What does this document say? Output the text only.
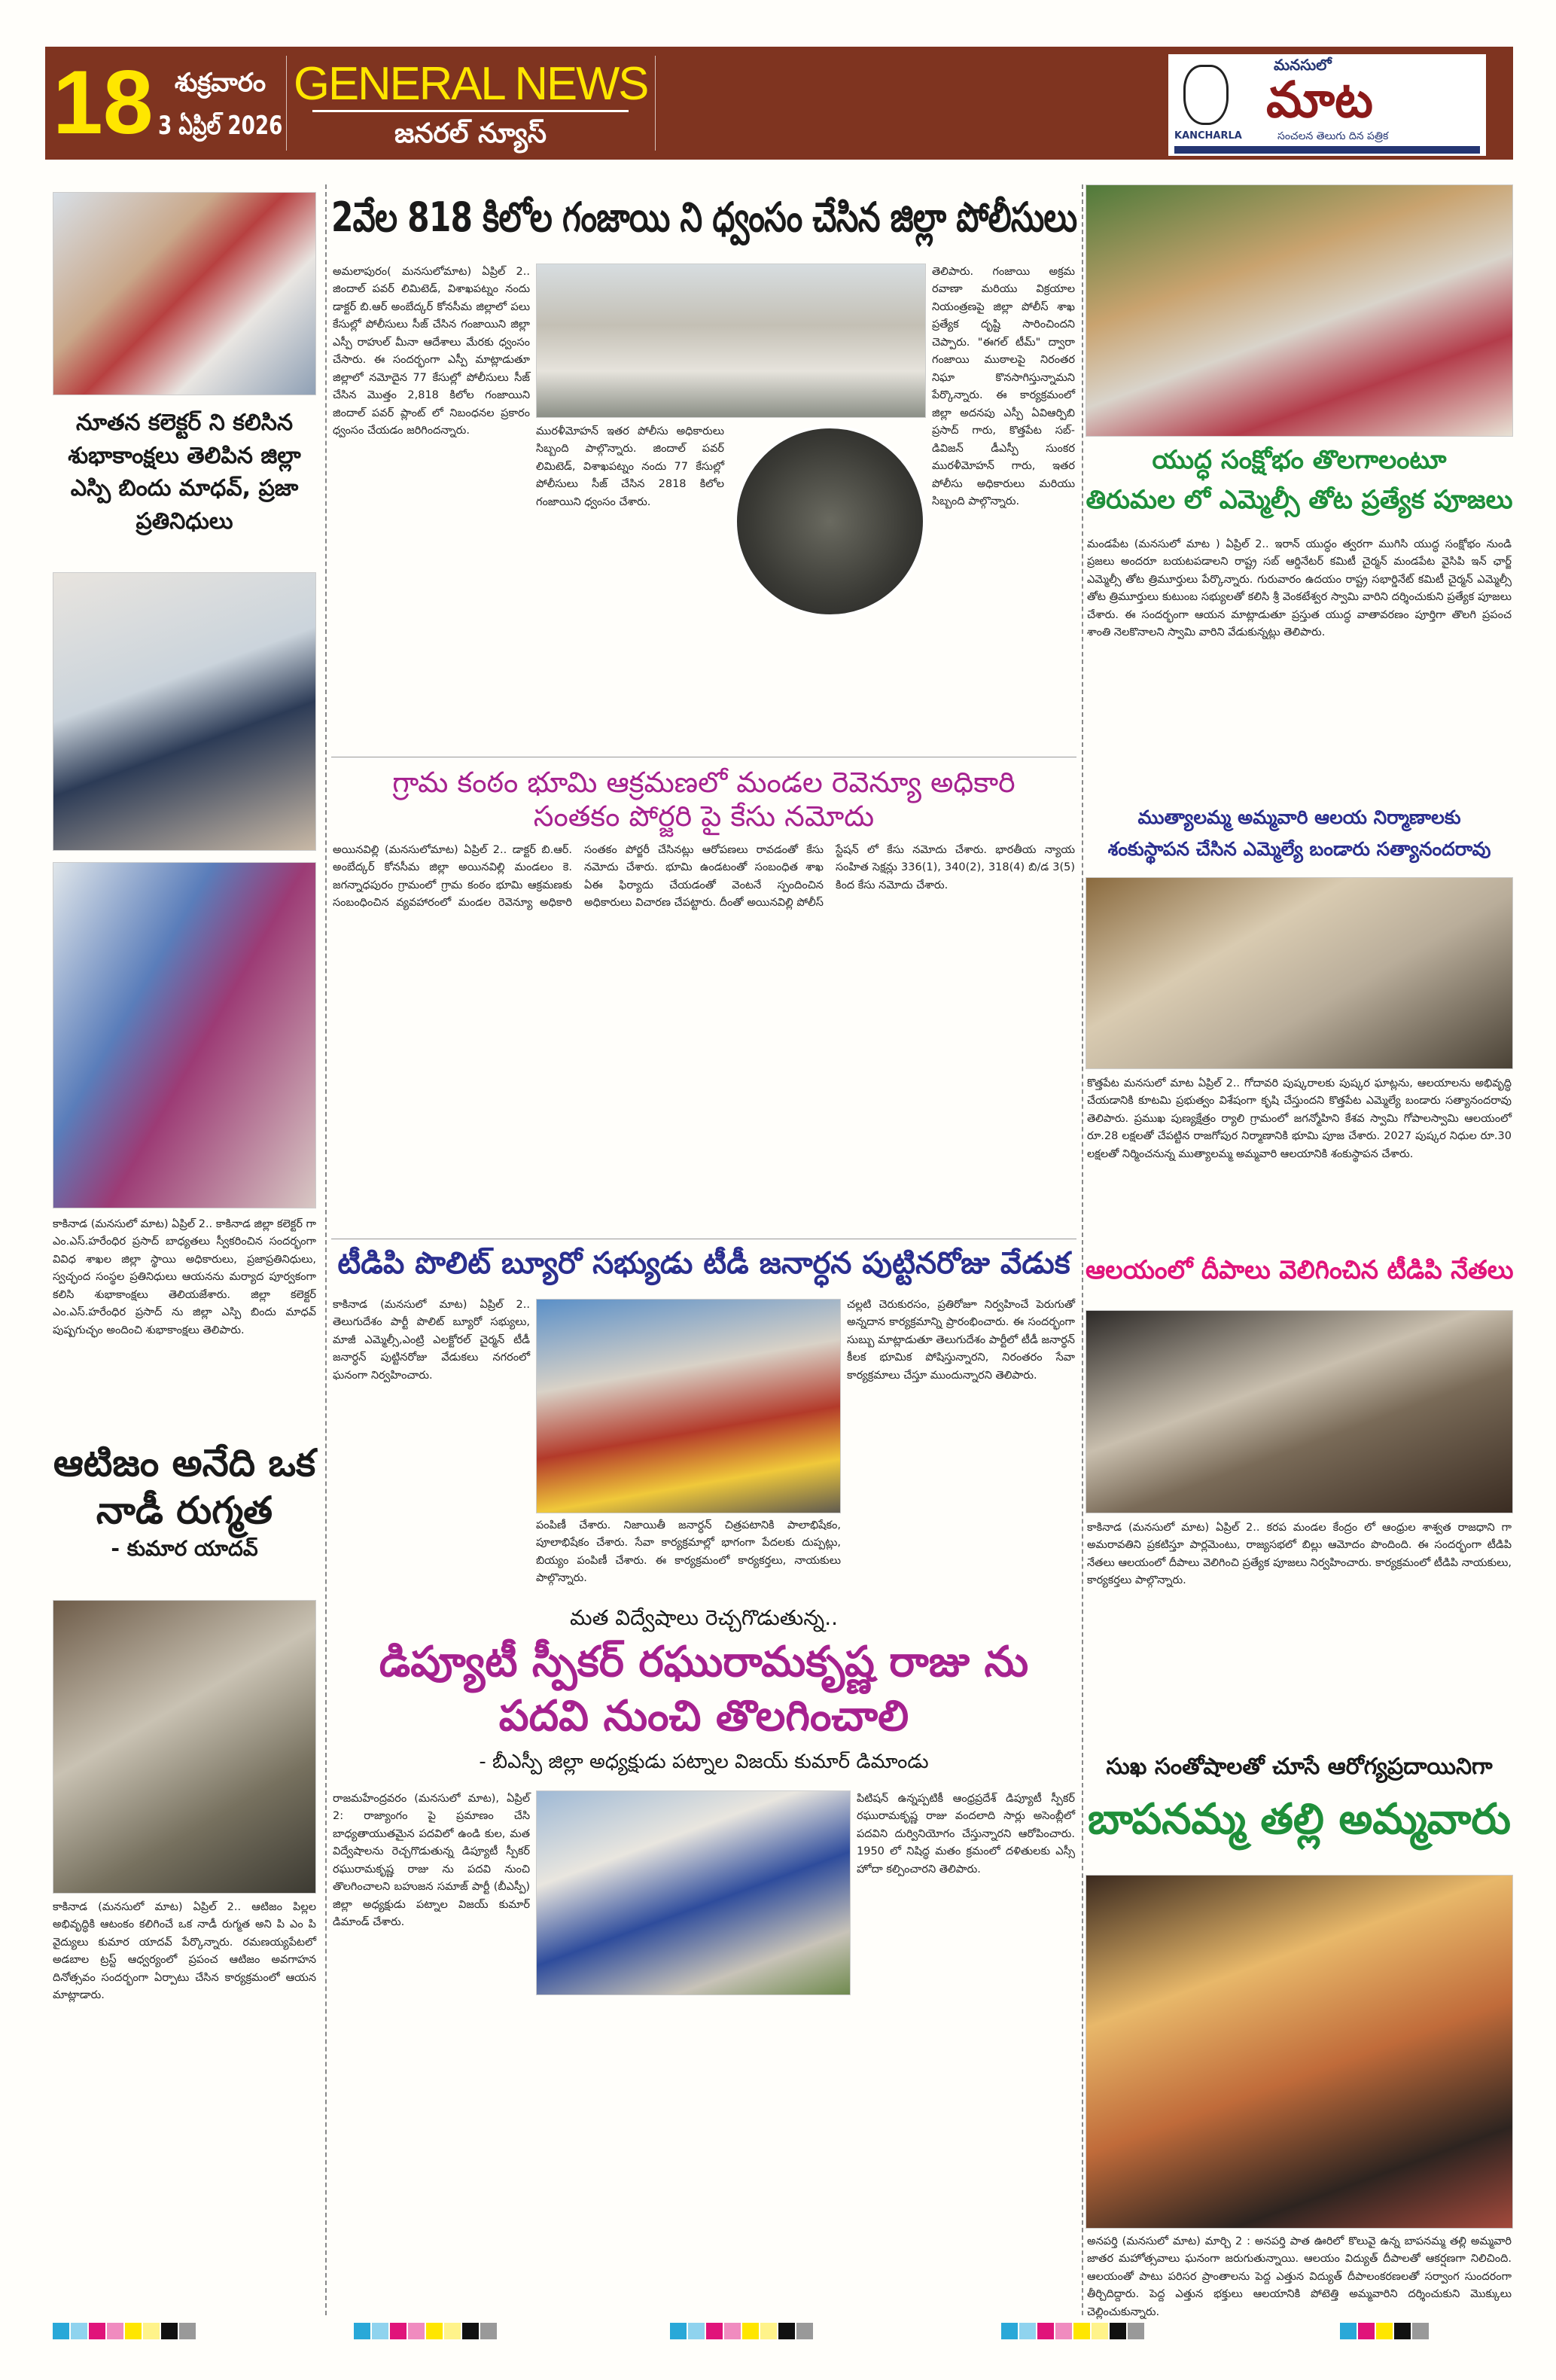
18 శుక్రవారం
3 ఏప్రిల్ 2026
GENERAL NEWS
జనరల్ న్యూస్
మనసులో
మాట
KANCHARLA	సంచలన తెలుగు దిన పత్రిక
నూతన కలెక్టర్ ని కలిసిన శుభాకాంక్షలు తెలిపిన జిల్లా ఎస్పి బిందు మాధవ్, ప్రజా ప్రతినిధులు
కాకినాడ (మనసులో మాట) ఏప్రిల్ 2.. కాకినాడ జిల్లా కలెక్టర్ గా ఎం.ఎస్.హరేంధిర ప్రసాద్ బాధ్యతలు స్వీకరించిన సందర్భంగా వివిధ శాఖల జిల్లా స్థాయి అధికారులు, ప్రజాప్రతినిధులు, స్వచ్ఛంద సంస్థల ప్రతినిధులు ఆయనను మర్యాద పూర్వకంగా కలిసి శుభాకాంక్షలు తెలియజేశారు. జిల్లా కలెక్టర్ ఎం.ఎస్.హరేంధిర ప్రసాద్ ను జిల్లా ఎస్పి బిందు మాధవ్ పుష్పగుచ్ఛం అందించి శుభాకాంక్షలు తెలిపారు.
ఆటిజం అనేది ఒక నాడీ రుగ్మత
- కుమార యాదవ్
కాకినాడ (మనసులో మాట) ఏప్రిల్ 2.. ఆటిజం పిల్లల అభివృద్ధికి ఆటంకం కలిగించే ఒక నాడీ రుగ్మత అని పి ఎం పి వైద్యులు కుమార యాదవ్ పేర్కొన్నారు. రమణయ్యపేటలో అడబాల ట్రస్ట్ ఆధ్వర్యంలో ప్రపంచ ఆటిజం అవగాహన దినోత్సవం సందర్భంగా ఏర్పాటు చేసిన కార్యక్రమంలో ఆయన మాట్లాడారు.
2వేల 818 కిలోల గంజాయి ని ధ్వంసం చేసిన జిల్లా పోలీసులు
అమలాపురం( మనసులోమాట) ఏప్రిల్ 2.. జిందాల్ పవర్ లిమిటెడ్, విశాఖపట్నం నందు డాక్టర్ బి.ఆర్ అంబేద్కర్ కోనసీమ జిల్లాలో పలు కేసుల్లో పోలీసులు సీజ్ చేసిన గంజాయిని జిల్లా ఎస్పీ రాహుల్ మీనా ఆదేశాలు మేరకు ధ్వంసం చేసారు. ఈ సందర్భంగా ఎస్పీ మాట్లాడుతూ జిల్లాలో నమోదైన 77 కేసుల్లో పోలీసులు సీజ్ చేసిన మొత్తం 2,818 కిలోల గంజాయిని జిందాల్ పవర్ ప్లాంట్ లో నిబంధనల ప్రకారం ధ్వంసం చేయడం జరిగిందన్నారు.	మురళీమోహన్ ఇతర పోలీసు అధికారులు సిబ్బంది పాల్గొన్నారు. జిందాల్ పవర్ లిమిటెడ్, విశాఖపట్నం నందు 77 కేసుల్లో పోలీసులు సీజ్ చేసిన 2818 కిలోల గంజాయిని ధ్వంసం చేశారు.
తెలిపారు. గంజాయి అక్రమ రవాణా మరియు విక్రయాల నియంత్రణపై జిల్లా పోలీస్ శాఖ ప్రత్యేక దృష్టి సారించిందని చెప్పారు. "ఈగల్ టీమ్" ద్వారా గంజాయి ముఠాలపై నిరంతర నిఘా కొనసాగిస్తున్నామని పేర్కొన్నారు. ఈ కార్యక్రమంలో జిల్లా అదనపు ఎస్పీ ఏవిఆర్పిబి ప్రసాద్ గారు, కొత్తపేట సబ్-డివిజన్ డీఎస్పీ సుంకర మురళీమోహన్ గారు, ఇతర పోలీసు అధికారులు మరియు సిబ్బంది పాల్గొన్నారు.
గ్రామ కంఠం భూమి ఆక్రమణలో మండల రెవెన్యూ అధికారి
సంతకం పోర్జరి పై కేసు నమోదు
అయినవిల్లి (మనసులోమాట) ఏప్రిల్ 2.. డాక్టర్ బి.ఆర్. అంబేద్కర్ కోనసీమ జిల్లా అయినవిల్లి మండలం కె. జగన్నాధపురం గ్రామంలో గ్రామ కంఠం భూమి ఆక్రమణకు సంబంధించిన వ్యవహారంలో మండల రెవెన్యూ అధికారి సంతకం పోర్జరీ చేసినట్లు ఆరోపణలు రావడంతో కేసు నమోదు చేశారు. భూమి ఉండటంతో సంబంధిత శాఖ ఏఈ ఫిర్యాదు చేయడంతో వెంటనే స్పందించిన అధికారులు విచారణ చేపట్టారు. దీంతో అయినవిల్లి పోలీస్ స్టేషన్ లో కేసు నమోదు చేశారు. భారతీయ న్యాయ సంహిత సెక్షన్లు 336(1), 340(2), 318(4) బి/డ 3(5) కింద కేసు నమోదు చేశారు.
టీడిపి పొలిట్ బ్యూరో సభ్యుడు టీడీ జనార్ధన పుట్టినరోజు వేడుక
కాకినాడ (మనసులో మాట) ఏప్రిల్ 2.. తెలుగుదేశం పార్టీ పొలిట్ బ్యూరో సభ్యులు, మాజీ ఎమ్మెల్సీ,ఎంట్రి ఎలక్టోరల్ చైర్మన్ టీడీ జనార్ధన్ పుట్టినరోజు వేడుకలు నగరంలో ఘనంగా నిర్వహించారు.
పంపిణీ చేశారు. నిజాయితీ జనార్ధన్ చిత్రపటానికి పాలాభిషేకం, పూలాభిషేకం చేశారు. సేవా కార్యక్రమాల్లో భాగంగా పేదలకు దుప్పట్లు, బియ్యం పంపిణీ చేశారు. ఈ కార్యక్రమంలో కార్యకర్తలు, నాయకులు పాల్గొన్నారు.
చల్లటి చెరుకురసం, ప్రతిరోజూ నిర్వహించే పెరుగుతో అన్నదాన కార్యక్రమాన్ని ప్రారంభించారు. ఈ సందర్భంగా సుబ్బు మాట్లాడుతూ తెలుగుదేశం పార్టీలో టీడీ జనార్ధన్ కీలక భూమిక పోషిస్తున్నారని, నిరంతరం సేవా కార్యక్రమాలు చేస్తూ ముందున్నారని తెలిపారు.
మత విద్వేషాలు రెచ్చగొడుతున్న..
డిప్యూటీ స్పీకర్ రఘురామకృష్ణ రాజు ను
పదవి నుంచి తొలగించాలి
- బీఎస్పీ జిల్లా అధ్యక్షుడు పట్నాల విజయ్ కుమార్ డిమాండు
రాజమహేంద్రవరం (మనసులో మాట), ఏప్రిల్ 2: రాజ్యాంగం పై ప్రమాణం చేసి బాధ్యతాయుతమైన పదవిలో ఉండి కుల, మత విద్వేషాలను రెచ్చగొడుతున్న డిప్యూటీ స్పీకర్ రఘురామకృష్ణ రాజు ను పదవి నుంచి తొలగించాలని బహుజన సమాజ్ పార్టీ (బీఎస్పీ) జిల్లా అధ్యక్షుడు పట్నాల విజయ్ కుమార్ డిమాండ్ చేశారు.
పిటిషన్ ఉన్నప్పటికీ ఆంధ్రప్రదేశ్ డిప్యూటీ స్పీకర్ రఘురామకృష్ణ రాజు వందలాది సార్లు అసెంబ్లీలో పదవిని దుర్వినియోగం చేస్తున్నారని ఆరోపించారు. 1950 లో నిషిద్ధ మతం క్రమంలో దళితులకు ఎస్సీ హోదా కల్పించారని తెలిపారు.
యుద్ధ సంక్షోభం తొలగాలంటూ
తిరుమల లో ఎమ్మెల్సీ తోట ప్రత్యేక పూజలు
మండపేట (మనసులో మాట ) ఏప్రిల్ 2.. ఇరాన్ యుద్ధం త్వరగా ముగిసి యుద్ధ సంక్షోభం నుండి ప్రజలు అందరూ బయటపడాలని రాష్ట్ర సబ్ ఆర్డినేటర్ కమిటీ చైర్మన్ మండపేట వైసిపి ఇన్ ఛార్జ్ ఎమ్మెల్సీ తోట త్రిమూర్తులు పేర్కొన్నారు. గురువారం ఉదయం రాష్ట్ర సభార్డినేట్ కమిటీ చైర్మన్ ఎమ్మెల్సీ తోట త్రిమూర్తులు కుటుంబ సభ్యులతో కలిసి శ్రీ వెంకటేశ్వర స్వామి వారిని దర్శించుకుని ప్రత్యేక పూజలు చేశారు. ఈ సందర్భంగా ఆయన మాట్లాడుతూ ప్రస్తుత యుద్ధ వాతావరణం పూర్తిగా తొలగి ప్రపంచ శాంతి నెలకొనాలని స్వామి వారిని వేడుకున్నట్లు తెలిపారు.
ముత్యాలమ్మ అమ్మవారి ఆలయ నిర్మాణాలకు
శంకుస్థాపన చేసిన ఎమ్మెల్యే బండారు సత్యానందరావు
కొత్తపేట మనసులో మాట ఏప్రిల్ 2.. గోదావరి పుష్కరాలకు పుష్కర ఘాట్లను, ఆలయాలను అభివృద్ధి చేయడానికి కూటమి ప్రభుత్వం విశేషంగా కృషి చేస్తుందని కొత్తపేట ఎమ్మెల్యే బండారు సత్యానందరావు తెలిపారు. ప్రముఖ పుణ్యక్షేత్రం ర్యాలి గ్రామంలో జగన్మోహిని కేశవ స్వామి గోపాలస్వామి ఆలయంలో రూ.28 లక్షలతో చేపట్టిన రాజగోపుర నిర్మాణానికి భూమి పూజ చేశారు. 2027 పుష్కర నిధుల రూ.30 లక్షలతో నిర్మించనున్న ముత్యాలమ్మ అమ్మవారి ఆలయానికి శంకుస్థాపన చేశారు.
ఆలయంలో దీపాలు వెలిగించిన టీడిపి నేతలు
కాకినాడ (మనసులో మాట) ఏప్రిల్ 2.. కరప మండల కేంద్రం లో ఆంధ్రుల శాశ్వత రాజధాని గా అమరావతిని ప్రకటిస్తూ పార్లమెంటు, రాజ్యసభలో బిల్లు ఆమోదం పొందింది. ఈ సందర్భంగా టీడిపి నేతలు ఆలయంలో దీపాలు వెలిగించి ప్రత్యేక పూజలు నిర్వహించారు. కార్యక్రమంలో టీడిపి నాయకులు, కార్యకర్తలు పాల్గొన్నారు.
సుఖ సంతోషాలతో చూసే ఆరోగ్యప్రదాయినిగా
బాపనమ్మ తల్లి అమ్మవారు
అనపర్తి (మనసులో మాట) మార్చి 2 : అనపర్తి పాత ఊరిలో కొలువై ఉన్న బాపనమ్మ తల్లి అమ్మవారి జాతర మహోత్సవాలు ఘనంగా జరుగుతున్నాయి. ఆలయం విద్యుత్ దీపాలతో ఆకర్షణగా నిలిచింది. ఆలయంతో పాటు పరిసర ప్రాంతాలను పెద్ద ఎత్తున విద్యుత్ దీపాలంకరణలతో సర్వాంగ సుందరంగా తీర్చిదిద్దారు. పెద్ద ఎత్తున భక్తులు ఆలయానికి పోటెత్తి అమ్మవారిని దర్శించుకుని మొక్కులు చెల్లించుకున్నారు.
